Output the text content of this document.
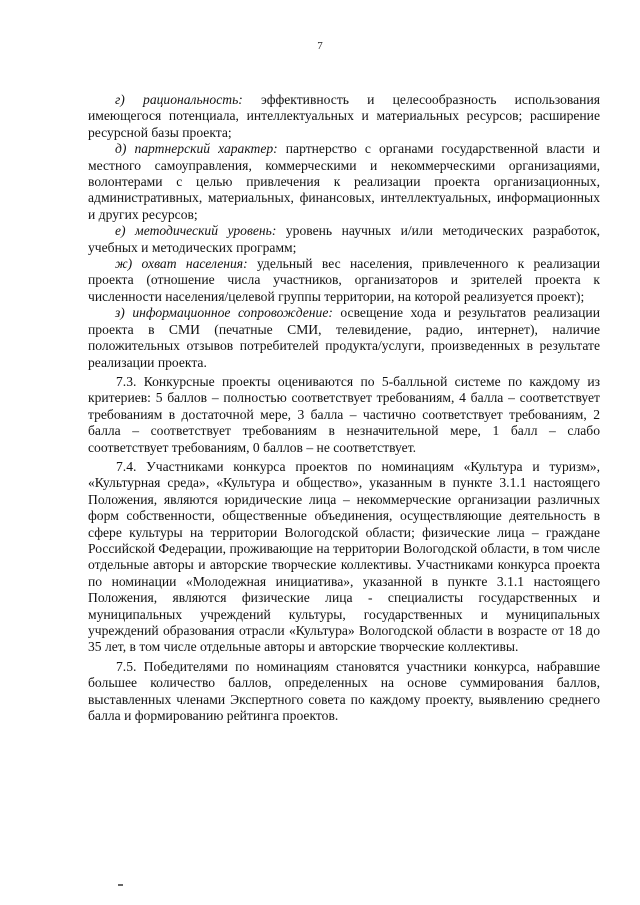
7

г) рациональность: эффективность и целесообразность использования имеющегося потенциала, интеллектуальных и материальных ресурсов; расширение ресурсной базы проекта;

д) партнерский характер: партнерство с органами государственной власти и местного самоуправления, коммерческими и некоммерческими организациями, волонтерами с целью привлечения к реализации проекта организационных, административных, материальных, финансовых, интеллектуальных, информационных и других ресурсов;

е) методический уровень: уровень научных и/или методических разработок, учебных и методических программ;

ж) охват населения: удельный вес населения, привлеченного к реализации проекта (отношение числа участников, организаторов и зрителей проекта к численности населения/целевой группы территории, на которой реализуется проект);

з) информационное сопровождение: освещение хода и результатов реализации проекта в СМИ (печатные СМИ, телевидение, радио, интернет), наличие положительных отзывов потребителей продукта/услуги, произведенных в результате реализации проекта.

7.3. Конкурсные проекты оцениваются по 5-балльной системе по каждому из критериев: 5 баллов – полностью соответствует требованиям, 4 балла – соответствует требованиям в достаточной мере, 3 балла – частично соответствует требованиям, 2 балла – соответствует требованиям в незначительной мере, 1 балл – слабо соответствует требованиям, 0 баллов – не соответствует.

7.4. Участниками конкурса проектов по номинациям «Культура и туризм», «Культурная среда», «Культура и общество», указанным в пункте 3.1.1 настоящего Положения, являются юридические лица – некоммерческие организации различных форм собственности, общественные объединения, осуществляющие деятельность в сфере культуры на территории Вологодской области; физические лица – граждане Российской Федерации, проживающие на территории Вологодской области, в том числе отдельные авторы и авторские творческие коллективы. Участниками конкурса проекта по номинации «Молодежная инициатива», указанной в пункте 3.1.1 настоящего Положения, являются физические лица - специалисты государственных и муниципальных учреждений культуры, государственных и муниципальных учреждений образования отрасли «Культура» Вологодской области в возрасте от 18 до 35 лет, в том числе отдельные авторы и авторские творческие коллективы.

7.5. Победителями по номинациям становятся участники конкурса, набравшие большее количество баллов, определенных на основе суммирования баллов, выставленных членами Экспертного совета по каждому проекту, выявлению среднего балла и формированию рейтинга проектов.
